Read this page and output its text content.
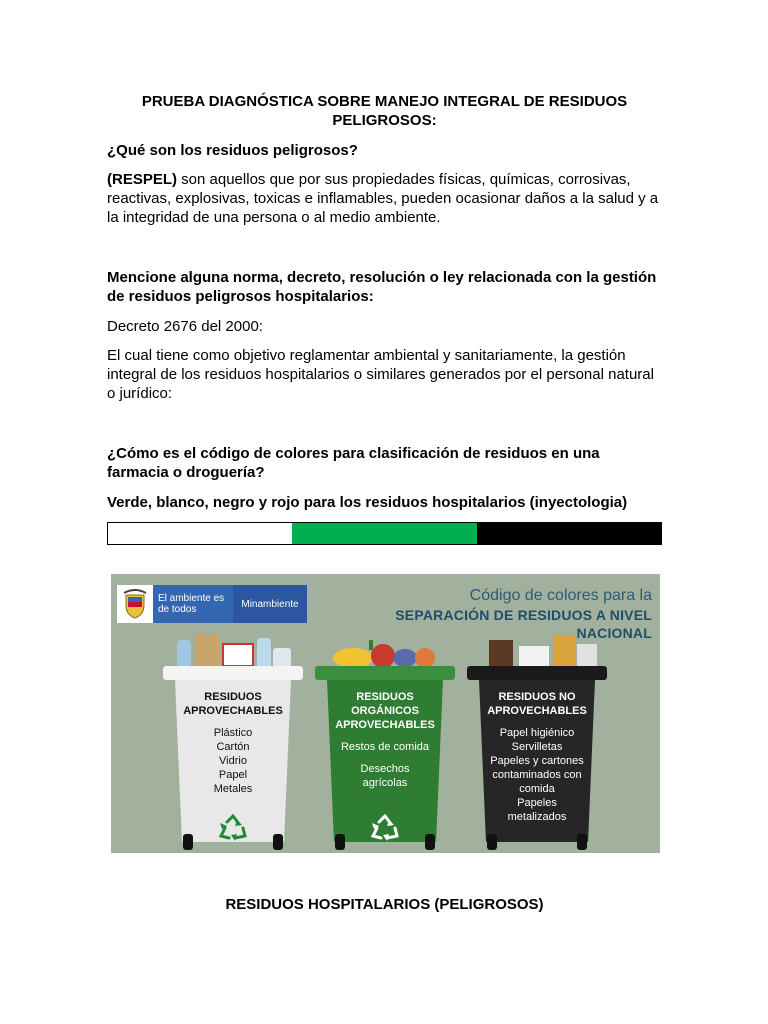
PRUEBA DIAGNÓSTICA SOBRE MANEJO INTEGRAL DE RESIDUOS PELIGROSOS:
¿Qué son los residuos peligrosos?
(RESPEL) son aquellos que por sus propiedades físicas, químicas, corrosivas, reactivas, explosivas, toxicas e inflamables, pueden ocasionar daños a la salud y a la integridad de una persona o al medio ambiente.
Mencione alguna norma, decreto, resolución o ley relacionada con la gestión de residuos peligrosos hospitalarios:
Decreto 2676 del 2000:
El cual tiene como objetivo reglamentar ambiental y sanitariamente, la gestión integral de los residuos hospitalarios o similares generados por el personal natural o jurídico:
¿Cómo es el código de colores para clasificación de residuos en una farmacia o droguería?
Verde, blanco, negro y rojo para los residuos hospitalarios (inyectologia)
RESIDUOS HOSPITALARIOS (PELIGROSOS)
El ambiente es de todos	Minambiente	Código de colores para la
SEPARACIÓN DE RESIDUOS A NIVEL NACIONAL
RESIDUOS
APROVECHABLES
Plástico
Cartón
Vidrio
Papel
Metales
RESIDUOS
ORGÁNICOS
APROVECHABLES
Restos de comida
Desechos
agrícolas
RESIDUOS NO
APROVECHABLES
Papel higiénico
Servilletas
Papeles y cartones
contaminados con
comida
Papeles
metalizados
